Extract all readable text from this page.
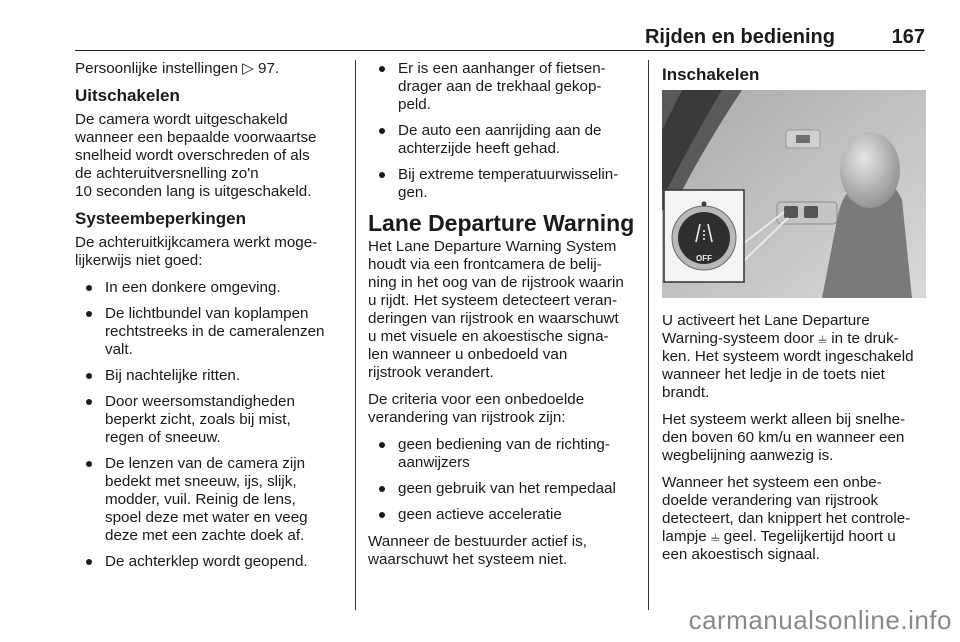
Rijden en bediening	167

Persoonlijke instellingen ▷ 97.

Uitschakelen

De camera wordt uitgeschakeld
wanneer een bepaalde voorwaartse
snelheid wordt overschreden of als
de achteruitversnelling zo'n
10 seconden lang is uitgeschakeld.

Systeembeperkingen

De achteruitkijkcamera werkt moge-
lijkerwijs niet goed:

In een donkere omgeving.
De lichtbundel van koplampen
rechtstreeks in de cameralenzen
valt.
Bij nachtelijke ritten.
Door weersomstandigheden
beperkt zicht, zoals bij mist,
regen of sneeuw.
De lenzen van de camera zijn
bedekt met sneeuw, ijs, slijk,
modder, vuil. Reinig de lens,
spoel deze met water en veeg
deze met een zachte doek af.
De achterklep wordt geopend.
Er is een aanhanger of fietsen-
drager aan de trekhaal gekop-
peld.
De auto een aanrijding aan de
achterzijde heeft gehad.
Bij extreme temperatuurwisselin-
gen.
Lane Departure Warning

Het Lane Departure Warning System
houdt via een frontcamera de belij-
ning in het oog van de rijstrook waarin
u rijdt. Het systeem detecteert veran-
deringen van rijstrook en waarschuwt
u met visuele en akoestische signa-
len wanneer u onbedoeld van
rijstrook verandert.

De criteria voor een onbedoelde
verandering van rijstrook zijn:

geen bediening van de richting-
aanwijzers
geen gebruik van het rempedaal
geen actieve acceleratie

Wanneer de bestuurder actief is,
waarschuwt het systeem niet.

Inschakelen
OFF

U activeert het Lane Departure
Warning-systeem door ⫨ in te druk-
ken. Het systeem wordt ingeschakeld
wanneer het ledje in de toets niet
brandt.

Het systeem werkt alleen bij snelhe-
den boven 60 km/u en wanneer een
wegbelijning aanwezig is.

Wanneer het systeem een onbe-
doelde verandering van rijstrook
detecteert, dan knippert het controle-
lampje ⫨ geel. Tegelijkertijd hoort u
een akoestisch signaal.

carmanualsonline.info
